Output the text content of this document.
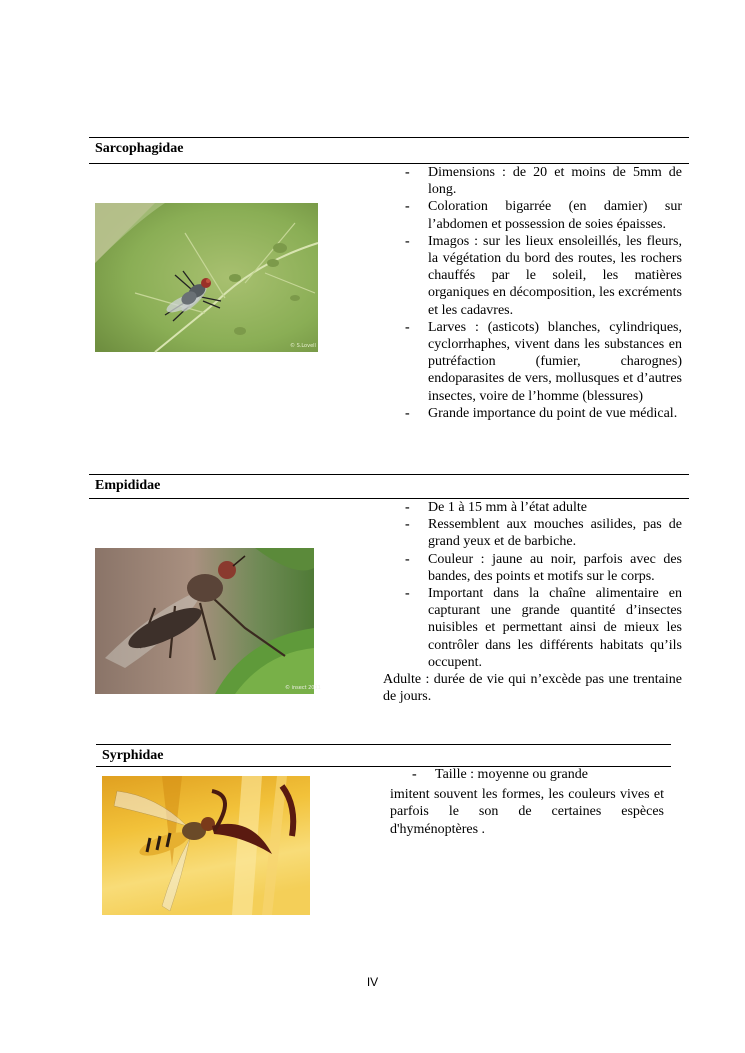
Sarcophagidae
© S.Lovell
- Dimensions : de 20 et moins de 5mm de long.
- Coloration bigarrée (en damier) sur l’abdomen et possession de soies épaisses.
- Imagos : sur les lieux ensoleillés, les fleurs, la végétation du bord des routes, les rochers chauffés par le soleil, les matières organiques en décomposition, les excréments et les cadavres.
- Larves : (asticots) blanches, cylindriques, cyclorrhaphes, vivent dans les substances en putréfaction (fumier, charognes) endoparasites de vers, mollusques et d’autres insectes, voire de l’homme (blessures)
- Grande importance du point de vue médical.
Empididae
© insect 2011
- De 1 à 15 mm à l’état adulte
- Ressemblent aux mouches asilides, pas de grand yeux et de barbiche.
- Couleur : jaune au noir, parfois avec des bandes, des points et motifs sur le corps.
- Important dans la chaîne alimentaire en capturant une grande quantité d’insectes nuisibles et permettant ainsi de mieux les contrôler dans les différents habitats qu’ils occupent.
Adulte : durée de vie qui n’excède pas une trentaine de jours.
Syrphidae
- Taille : moyenne ou grande
imitent souvent les formes, les couleurs vives et parfois le son de certaines espèces d'hyménoptères .
IV
